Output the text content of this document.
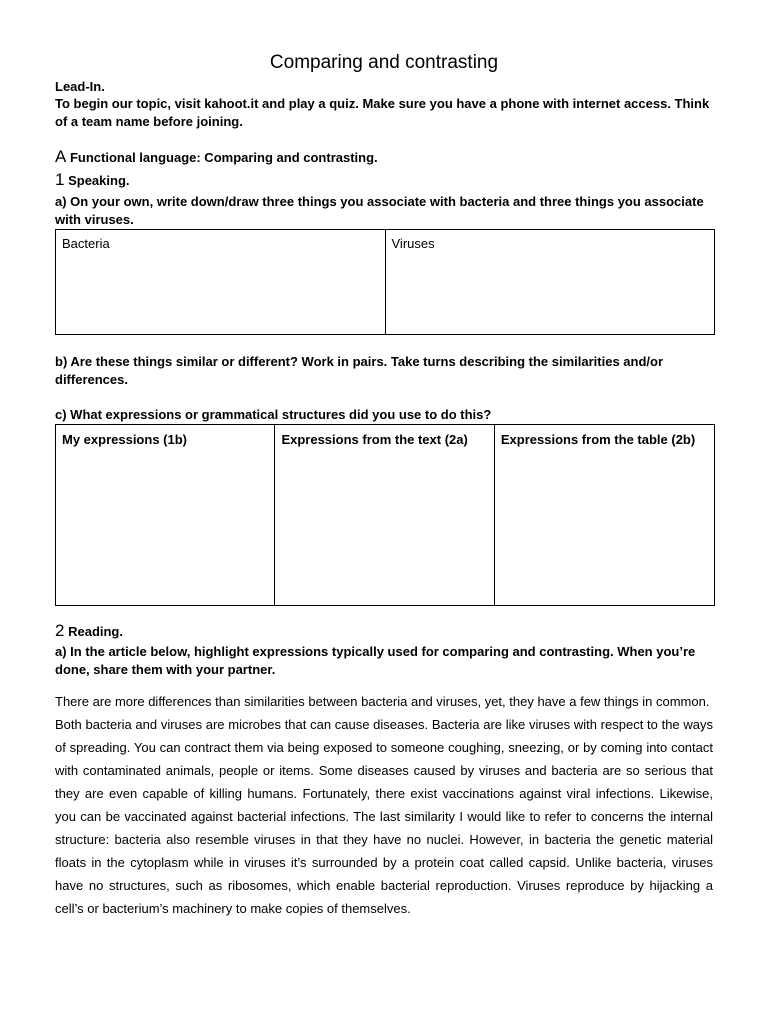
Comparing and contrasting
Lead-In.
To begin our topic, visit kahoot.it and play a quiz. Make sure you have a phone with internet access. Think of a team name before joining.
A Functional language: Comparing and contrasting.
1 Speaking.
a) On your own, write down/draw three things you associate with bacteria and three things you associate with viruses.
Bacteria	Viruses
b) Are these things similar or different? Work in pairs. Take turns describing the similarities and/or differences.
c) What expressions or grammatical structures did you use to do this?
My expressions (1b)	Expressions from the text (2a)	Expressions from the table (2b)
2 Reading.
a) In the article below, highlight expressions typically used for comparing and contrasting. When you’re done, share them with your partner.

There are more differences than similarities between bacteria and viruses, yet, they have a few things in common.

Both bacteria and viruses are microbes that can cause diseases. Bacteria are like viruses with respect to the ways of spreading. You can contract them via being exposed to someone coughing, sneezing, or by coming into contact with contaminated animals, people or items. Some diseases caused by viruses and bacteria are so serious that they are even capable of killing humans. Fortunately, there exist vaccinations against viral infections. Likewise, you can be vaccinated against bacterial infections. The last similarity I would like to refer to concerns the internal structure: bacteria also resemble viruses in that they have no nuclei. However, in bacteria the genetic material floats in the cytoplasm while in viruses it’s surrounded by a protein coat called capsid. Unlike bacteria, viruses have no structures, such as ribosomes, which enable bacterial reproduction. Viruses reproduce by hijacking a cell’s or bacterium’s machinery to make copies of themselves.
